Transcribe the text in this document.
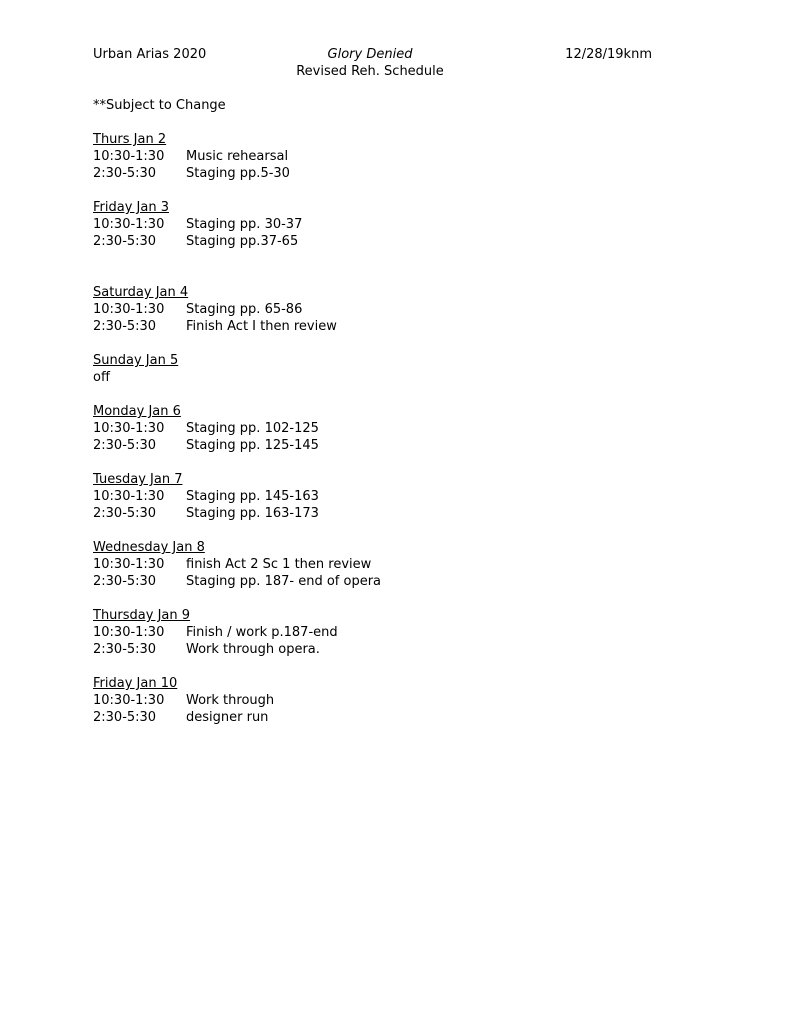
Urban Arias 2020	Glory Denied
Revised Reh. Schedule
12/28/19knm
**Subject to Change
Thurs Jan 2
10:30-1:30	Music rehearsal
2:30-5:30	Staging pp.5-30
Friday Jan 3
10:30-1:30	Staging pp. 30-37
2:30-5:30	Staging pp.37-65
Saturday Jan 4
10:30-1:30	Staging pp. 65-86
2:30-5:30	Finish Act I then review
Sunday Jan 5
off
Monday Jan 6
10:30-1:30	Staging pp. 102-125
2:30-5:30	Staging pp. 125-145
Tuesday Jan 7
10:30-1:30	Staging pp. 145-163
2:30-5:30	Staging pp. 163-173
Wednesday Jan 8
10:30-1:30	finish Act 2 Sc 1 then review
2:30-5:30	Staging pp. 187- end of opera
Thursday Jan 9
10:30-1:30	Finish / work p.187-end
2:30-5:30	Work through opera.
Friday Jan 10
10:30-1:30	Work through
2:30-5:30	designer run
